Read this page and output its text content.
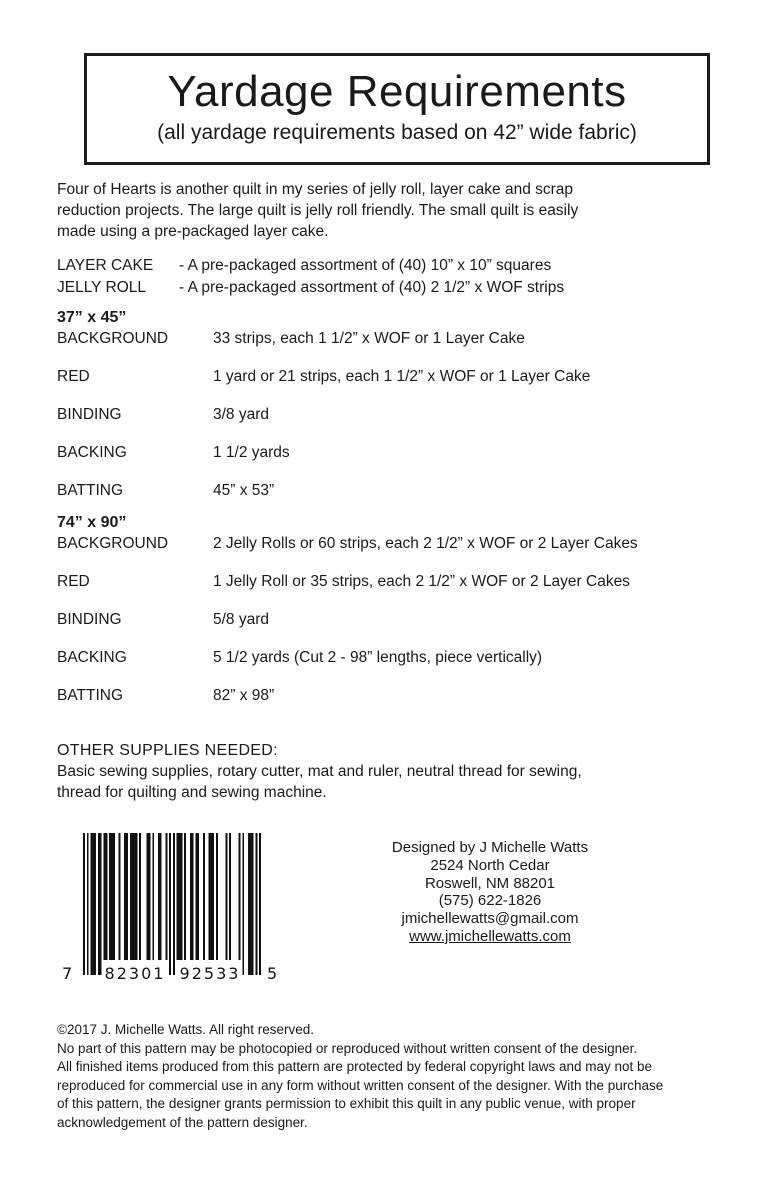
Yardage Requirements
(all yardage requirements based on 42” wide fabric)
Four of Hearts is another quilt in my series of jelly roll, layer cake and scrap
reduction projects. The large quilt is jelly roll friendly. The small quilt is easily
made using a pre-packaged layer cake.
LAYER CAKE	- A pre-packaged assortment of (40) 10” x 10” squares
JELLY ROLL	- A pre-packaged assortment of (40) 2 1/2” x WOF strips
37” x 45”
BACKGROUND	33 strips, each 1 1/2” x WOF or 1 Layer Cake
RED	1 yard or 21 strips, each 1 1/2” x WOF or 1 Layer Cake
BINDING	3/8 yard
BACKING	1 1/2 yards
BATTING	45” x 53”
74” x 90”
BACKGROUND	2 Jelly Rolls or 60 strips, each 2 1/2” x WOF or 2 Layer Cakes
RED	1 Jelly Roll or 35 strips, each 2 1/2” x WOF or 2 Layer Cakes
BINDING	5/8 yard
BACKING	5 1/2 yards (Cut 2 - 98” lengths, piece vertically)
BATTING	82” x 98”
OTHER SUPPLIES NEEDED:
Basic sewing supplies, rotary cutter, mat and ruler, neutral thread for sewing,
thread for quilting and sewing machine.
7 82301 92533 5
Designed by J Michelle Watts
2524 North Cedar
Roswell, NM 88201
(575) 622-1826
jmichellewatts@gmail.com
www.jmichellewatts.com
©2017 J. Michelle Watts. All right reserved.
No part of this pattern may be photocopied or reproduced without written consent of the designer.
All finished items produced from this pattern are protected by federal copyright laws and may not be
reproduced for commercial use in any form without written consent of the designer. With the purchase
of this pattern, the designer grants permission to exhibit this quilt in any public venue, with proper
acknowledgement of the pattern designer.
